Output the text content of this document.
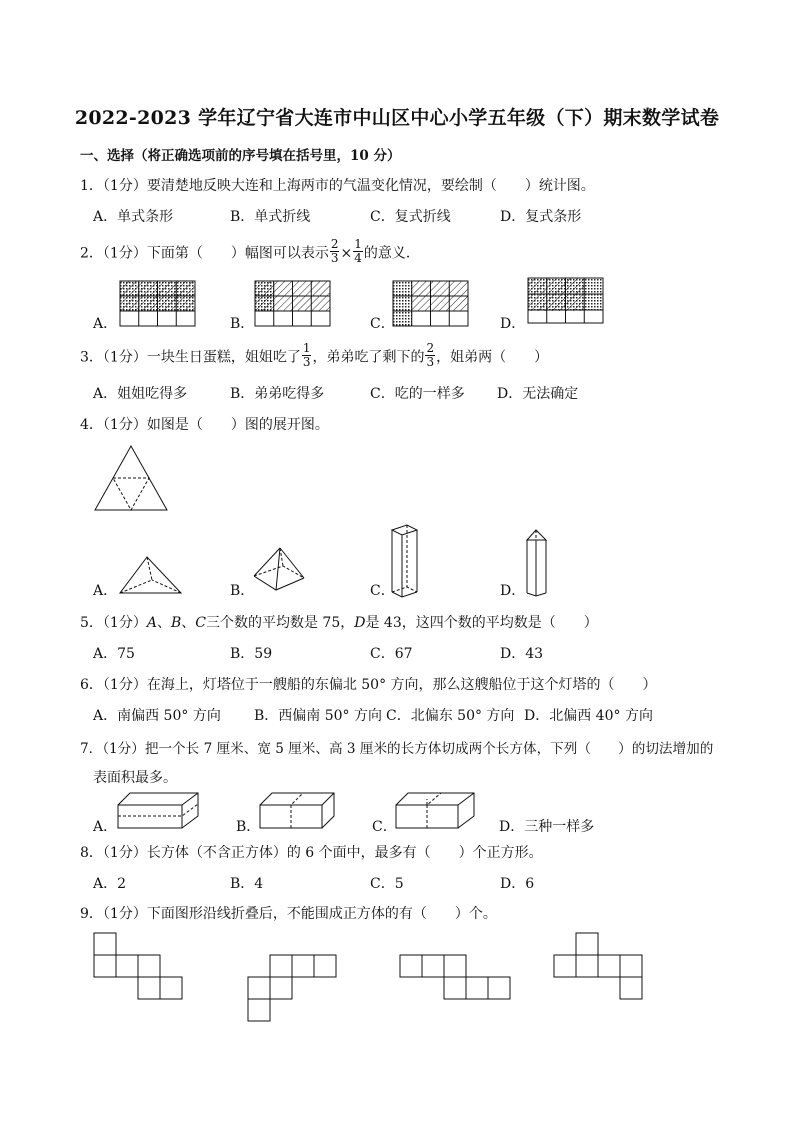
2022-2023 学年辽宁省大连市中山区中心小学五年级（下）期末数学试卷
一、选择（将正确选项前的序号填在括号里，10 分）
1．（1分）要清楚地反映大连和上海两市的气温变化情况，要绘制（　　）统计图。
A．单式条形	B．单式折线	C．复式折线	D．复式条形
2．（1分）下面第（　　）幅图可以表示 $\frac{2}{3} \times \frac{1}{4}$ 的意义．
A．	B．	C．	D．
3．（1分）一块生日蛋糕，姐姐吃了 $\frac{1}{3}$ ，弟弟吃了剩下的 $\frac{2}{3}$ ，姐弟两（　　）
A．姐姐吃得多	B．弟弟吃得多	C．吃的一样多 D．无法确定
4．（1分）如图是（　　）图的展开图。
A．	B．	C．	D．
5．（1分）A、B、C三个数的平均数是 75，D是 43，这四个数的平均数是（　　）
A．75	B．59	C．67	D．43
6．（1分）在海上，灯塔位于一艘船的东偏北 50° 方向，那么这艘船位于这个灯塔的（　　）
A．南偏西 50° 方向 B．西偏南 50° 方向 C．北偏东 50° 方向 D．北偏西 40° 方向
7．（1分）把一个长 7 厘米、宽 5 厘米、高 3 厘米的长方体切成两个长方体，下列（　　）的切法增加的
表面积最多。
A．	B．	C．	D．三种一样多
8．（1分）长方体（不含正方体）的 6 个面中，最多有（　　）个正方形。
A．2	B．4	C．5	D．6
9．（1分）下面图形沿线折叠后，不能围成正方体的有（　　）个。
